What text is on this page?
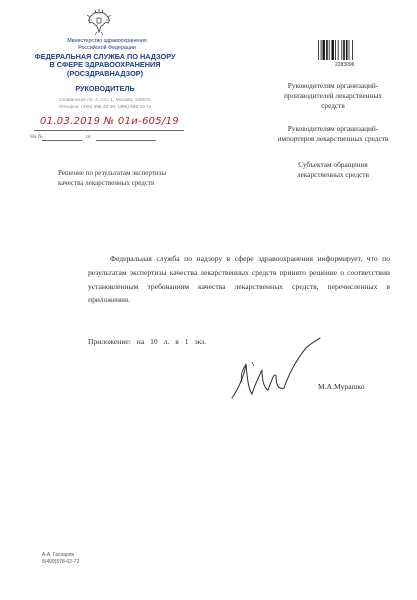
Министерство здравоохранения
Российской Федерации
ФЕДЕРАЛЬНАЯ СЛУЖБА ПО НАДЗОРУ
В СФЕРЕ ЗДРАВООХРАНЕНИЯ
(РОСЗДРАВНАДЗОР)
РУКОВОДИТЕЛЬ
Славянская пл. 4, стр. 1, Москва, 109074
Телефон: (495) 698 45 38; (495) 698 15 74
01.03.2019 № 01и-605/19
На №	от
Решение по результатам экспертизы
качества лекарственных средств
2283096
Руководителям организаций-
производителей лекарственных
средств
Руководителям организаций-
импортеров лекарственных средств
Субъектам обращения
лекарственных средств

Федеральная служба по надзору в сфере здравоохранения информирует, что по результатам экспертизы качества лекарственных средств принято решение о соответствии установленным требованиям качества лекарственных средств, перечисленных в приложении.

Приложение: на 10 л. в 1 экз.
М.А.Мурашко
А.А. Гаспарян
8(499)578-02-72
